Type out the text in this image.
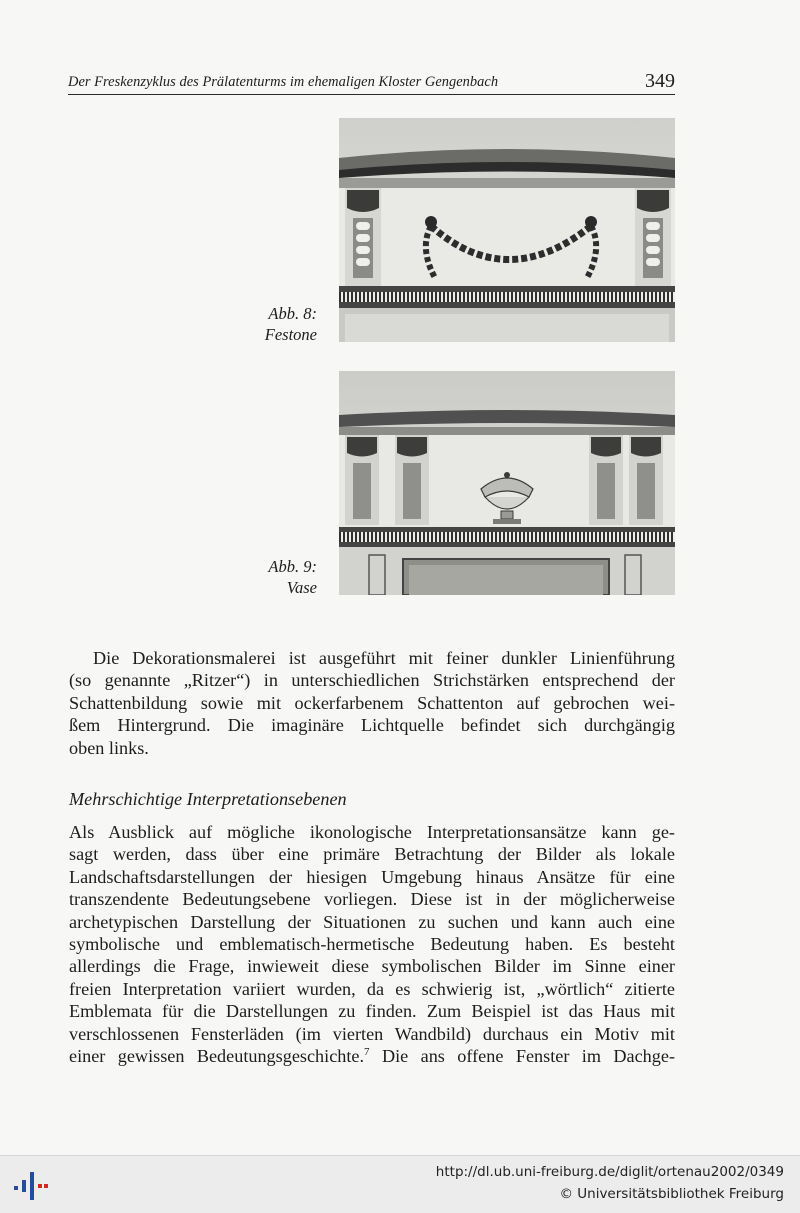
Der Freskenzyklus des Prälatenturms im ehemaligen Kloster Gengenbach	349
Abb. 8:
Festone
Abb. 9:
Vase
Die Dekorationsmalerei ist ausgeführt mit feiner dunkler Linienführung
(so genannte „Ritzer“) in unterschiedlichen Strichstärken entsprechend der
Schattenbildung sowie mit ockerfarbenem Schattenton auf gebrochen wei-
ßem Hintergrund. Die imaginäre Lichtquelle befindet sich durchgängig
oben links.
Mehrschichtige Interpretationsebenen
Als Ausblick auf mögliche ikonologische Interpretationsansätze kann ge-
sagt werden, dass über eine primäre Betrachtung der Bilder als lokale
Landschaftsdarstellungen der hiesigen Umgebung hinaus Ansätze für eine
transzendente Bedeutungsebene vorliegen. Diese ist in der möglicherweise
archetypischen Darstellung der Situationen zu suchen und kann auch eine
symbolische und emblematisch-hermetische Bedeutung haben. Es besteht
allerdings die Frage, inwieweit diese symbolischen Bilder im Sinne einer
freien Interpretation variiert wurden, da es schwierig ist, „wörtlich“ zitierte
Emblemata für die Darstellungen zu finden. Zum Beispiel ist das Haus mit
verschlossenen Fensterläden (im vierten Wandbild) durchaus ein Motiv mit
einer gewissen Bedeutungsgeschichte.$^7$ Die ans offene Fenster im Dachge-
http://dl.ub.uni-freiburg.de/diglit/ortenau2002/0349
© Universitätsbibliothek Freiburg
